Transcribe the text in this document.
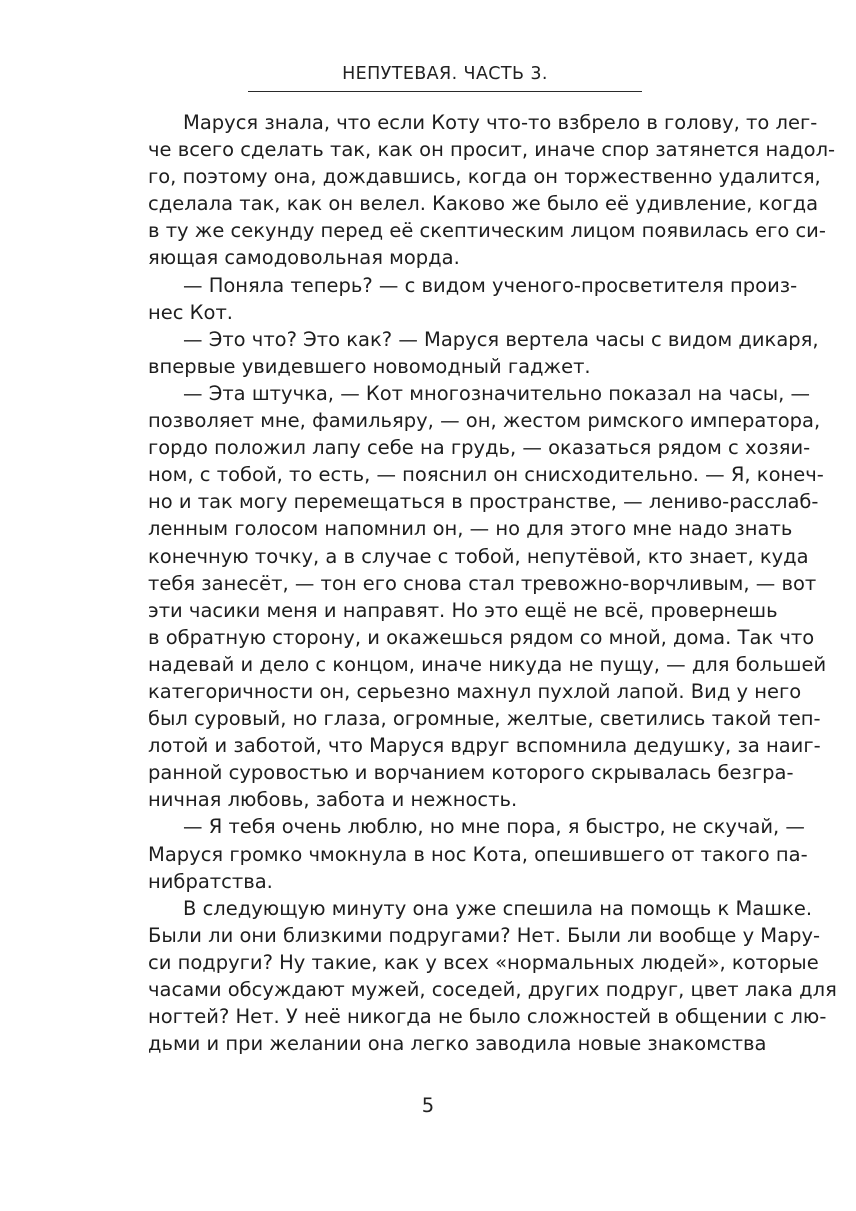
НЕПУТЕВАЯ. ЧАСТЬ 3.
Маруся знала, что если Коту что-то взбрело в голову, то лег-
че всего сделать так, как он просит, иначе спор затянется надол-
го, поэтому она, дождавшись, когда он торжественно удалится,
сделала так, как он велел. Каково же было её удивление, когда
в ту же секунду перед её скептическим лицом появилась его си-
яющая самодовольная морда.
— Поняла теперь? — с видом ученого-просветителя произ-
нес Кот.
— Это что? Это как? — Маруся вертела часы с видом дикаря,
впервые увидевшего новомодный гаджет.
— Эта штучка, — Кот многозначительно показал на часы, —
позволяет мне, фамильяру, — он, жестом римского императора,
гордо положил лапу себе на грудь, — оказаться рядом с хозяи-
ном, с тобой, то есть, — пояснил он снисходительно. — Я, конеч-
но и так могу перемещаться в пространстве, — лениво-расслаб-
ленным голосом напомнил он, — но для этого мне надо знать
конечную точку, а в случае с тобой, непутёвой, кто знает, куда
тебя занесёт, — тон его снова стал тревожно-ворчливым, — вот
эти часики меня и направят. Но это ещё не всё, провернешь
в обратную сторону, и окажешься рядом со мной, дома. Так что
надевай и дело с концом, иначе никуда не пущу, — для большей
категоричности он, серьезно махнул пухлой лапой. Вид у него
был суровый, но глаза, огромные, желтые, светились такой теп-
лотой и заботой, что Маруся вдруг вспомнила дедушку, за наиг-
ранной суровостью и ворчанием которого скрывалась безгра-
ничная любовь, забота и нежность.
— Я тебя очень люблю, но мне пора, я быстро, не скучай, —
Маруся громко чмокнула в нос Кота, опешившего от такого па-
нибратства.
В следующую минуту она уже спешила на помощь к Машке.
Были ли они близкими подругами? Нет. Были ли вообще у Мару-
си подруги? Ну такие, как у всех «нормальных людей», которые
часами обсуждают мужей, соседей, других подруг, цвет лака для
ногтей? Нет. У неё никогда не было сложностей в общении с лю-
дьми и при желании она легко заводила новые знакомства
5
